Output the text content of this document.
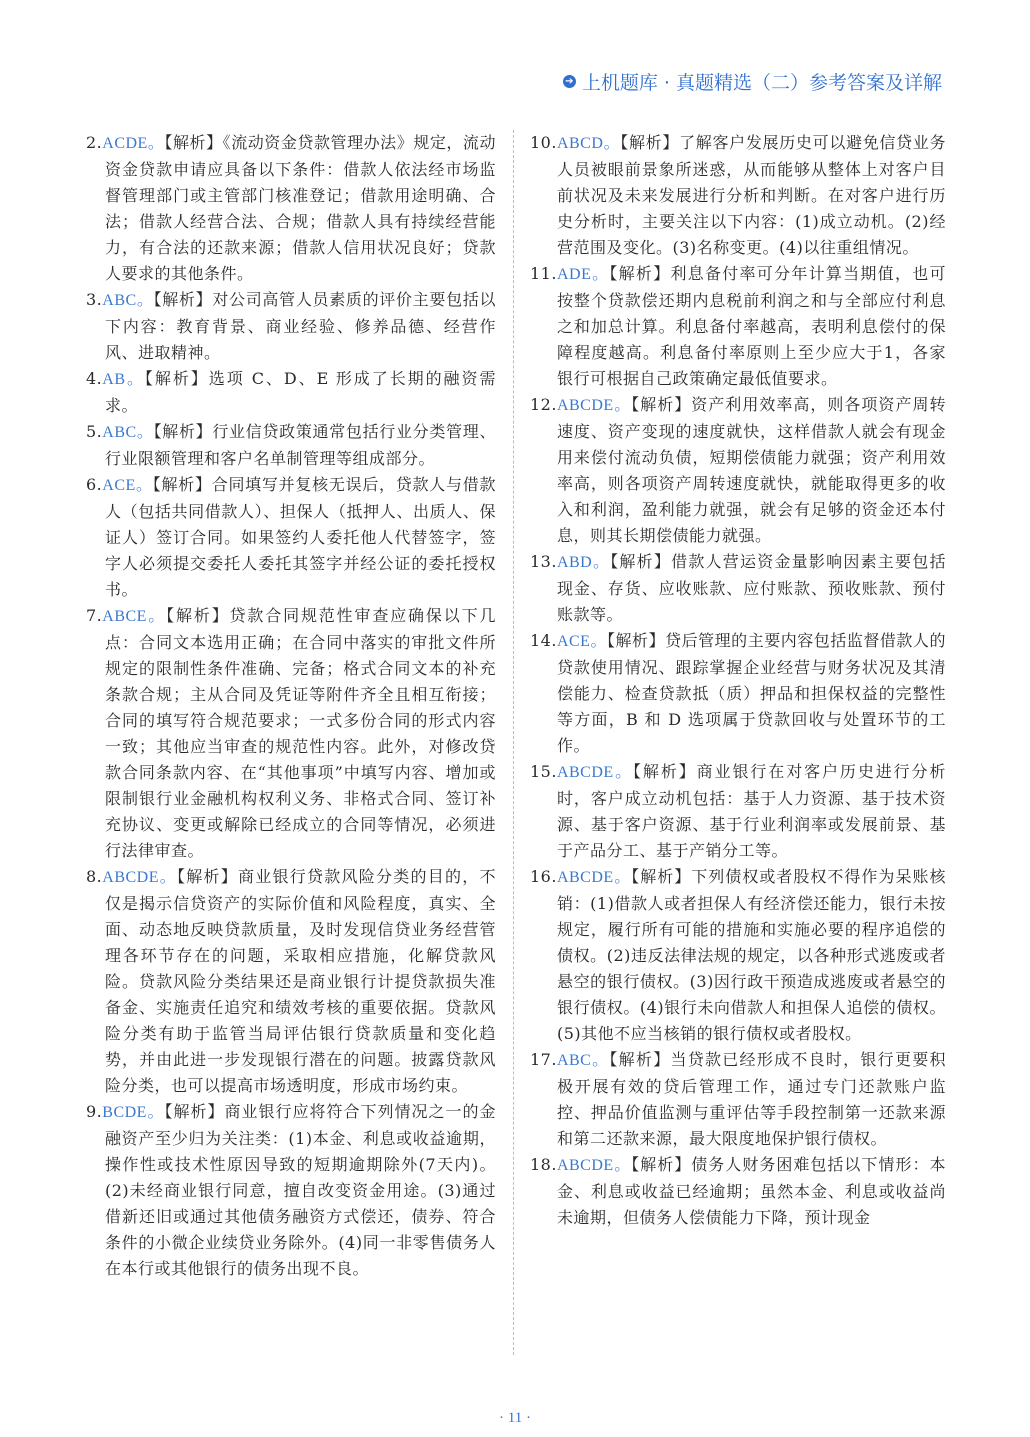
➔ 上机题库 · 真题精选（二）参考答案及详解
2.ACDE。【解析】《流动资金贷款管理办法》规定，流动资金贷款申请应具备以下条件：借款人依法经市场监督管理部门或主管部门核准登记；借款用途明确、合法；借款人经营合法、合规；借款人具有持续经营能力，有合法的还款来源；借款人信用状况良好；贷款人要求的其他条件。
3.ABC。【解析】对公司高管人员素质的评价主要包括以下内容：教育背景、商业经验、修养品德、经营作风、进取精神。
4.AB。【解析】选项 C、D、E 形成了长期的融资需求。
5.ABC。【解析】行业信贷政策通常包括行业分类管理、行业限额管理和客户名单制管理等组成部分。
6.ACE。【解析】合同填写并复核无误后，贷款人与借款人（包括共同借款人）、担保人（抵押人、出质人、保证人）签订合同。如果签约人委托他人代替签字，签字人必须提交委托人委托其签字并经公证的委托授权书。
7.ABCE。【解析】贷款合同规范性审查应确保以下几点：合同文本选用正确；在合同中落实的审批文件所规定的限制性条件准确、完备；格式合同文本的补充条款合规；主从合同及凭证等附件齐全且相互衔接；合同的填写符合规范要求；一式多份合同的形式内容一致；其他应当审查的规范性内容。此外，对修改贷款合同条款内容、在“其他事项”中填写内容、增加或限制银行业金融机构权利义务、非格式合同、签订补充协议、变更或解除已经成立的合同等情况，必须进行法律审查。
8.ABCDE。【解析】商业银行贷款风险分类的目的，不仅是揭示信贷资产的实际价值和风险程度，真实、全面、动态地反映贷款质量，及时发现信贷业务经营管理各环节存在的问题，采取相应措施，化解贷款风险。贷款风险分类结果还是商业银行计提贷款损失准备金、实施责任追究和绩效考核的重要依据。贷款风险分类有助于监管当局评估银行贷款质量和变化趋势，并由此进一步发现银行潜在的问题。披露贷款风险分类，也可以提高市场透明度，形成市场约束。
9.BCDE。【解析】商业银行应将符合下列情况之一的金融资产至少归为关注类：(1)本金、利息或收益逾期，操作性或技术性原因导致的短期逾期除外(7天内)。(2)未经商业银行同意，擅自改变资金用途。(3)通过借新还旧或通过其他债务融资方式偿还，债券、符合条件的小微企业续贷业务除外。(4)同一非零售债务人在本行或其他银行的债务出现不良。
10.ABCD。【解析】了解客户发展历史可以避免信贷业务人员被眼前景象所迷惑，从而能够从整体上对客户目前状况及未来发展进行分析和判断。在对客户进行历史分析时，主要关注以下内容：(1)成立动机。(2)经营范围及变化。(3)名称变更。(4)以往重组情况。
11.ADE。【解析】利息备付率可分年计算当期值，也可按整个贷款偿还期内息税前利润之和与全部应付利息之和加总计算。利息备付率越高，表明利息偿付的保障程度越高。利息备付率原则上至少应大于1，各家银行可根据自己政策确定最低值要求。
12.ABCDE。【解析】资产利用效率高，则各项资产周转速度、资产变现的速度就快，这样借款人就会有现金用来偿付流动负债，短期偿债能力就强；资产利用效率高，则各项资产周转速度就快，就能取得更多的收入和利润，盈利能力就强，就会有足够的资金还本付息，则其长期偿债能力就强。
13.ABD。【解析】借款人营运资金量影响因素主要包括现金、存货、应收账款、应付账款、预收账款、预付账款等。
14.ACE。【解析】贷后管理的主要内容包括监督借款人的贷款使用情况、跟踪掌握企业经营与财务状况及其清偿能力、检查贷款抵（质）押品和担保权益的完整性等方面，B 和 D 选项属于贷款回收与处置环节的工作。
15.ABCDE。【解析】商业银行在对客户历史进行分析时，客户成立动机包括：基于人力资源、基于技术资源、基于客户资源、基于行业利润率或发展前景、基于产品分工、基于产销分工等。
16.ABCDE。【解析】下列债权或者股权不得作为呆账核销：(1)借款人或者担保人有经济偿还能力，银行未按规定，履行所有可能的措施和实施必要的程序追偿的债权。(2)违反法律法规的规定，以各种形式逃废或者悬空的银行债权。(3)因行政干预造成逃废或者悬空的银行债权。(4)银行未向借款人和担保人追偿的债权。(5)其他不应当核销的银行债权或者股权。
17.ABC。【解析】当贷款已经形成不良时，银行更要积极开展有效的贷后管理工作，通过专门还款账户监控、押品价值监测与重评估等手段控制第一还款来源和第二还款来源，最大限度地保护银行债权。
18.ABCDE。【解析】债务人财务困难包括以下情形：本金、利息或收益已经逾期；虽然本金、利息或收益尚未逾期，但债务人偿债能力下降，预计现金
· 11 ·
